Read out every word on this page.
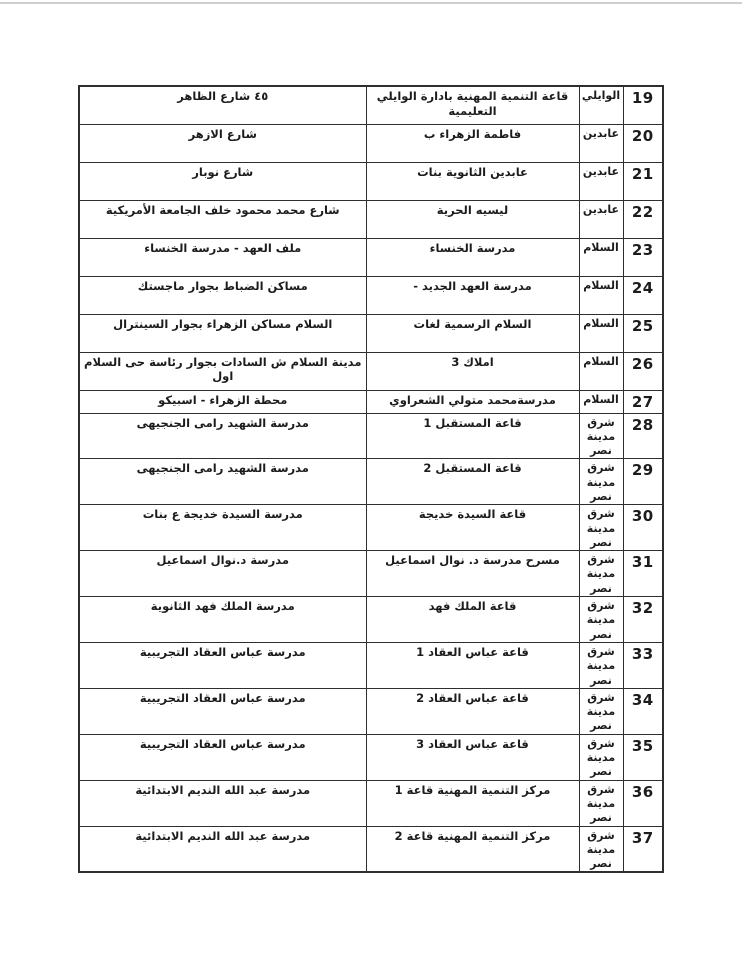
19	الوايلي	قاعة التنمية المهنية بادارة الوايلي التعليمية	٤٥ شارع الظاهر
20	عابدين	فاطمة الزهراء ب	شارع الازهر
21	عابدين	عابدين الثانوية بنات	شارع نوبار
22	عابدين	ليسيه الحرية	شارع محمد محمود خلف الجامعة الأمريكية
23	السلام	مدرسة الخنساء	ملف العهد - مدرسة الخنساء
24	السلام	مدرسة العهد الجديد -	مساكن الضباط بجوار ماجستك
25	السلام	السلام الرسمية لغات	السلام مساكن الزهراء بجوار السينترال
26	السلام	املاك 3	مدينة السلام ش السادات بجوار رئاسة حى السلام اول
27	السلام	مدرسةمحمد متولي الشعراوي	محطة الزهراء - اسبيكو
28	شرق مدينة نصر	قاعة المستقبل 1	مدرسة الشهيد رامى الجنجيهى
29	شرق مدينة نصر	قاعة المستقبل 2	مدرسة الشهيد رامى الجنجيهى
30	شرق مدينة نصر	قاعة السيدة خديجة	مدرسة السيدة خديجة ع بنات
31	شرق مدينة نصر	مسرح مدرسة د. نوال اسماعيل	مدرسة د.نوال اسماعيل
32	شرق مدينة نصر	قاعة الملك فهد	مدرسة الملك فهد الثانوية
33	شرق مدينة نصر	قاعة عباس العقاد 1	مدرسة عباس العقاد التجريبية
34	شرق مدينة نصر	قاعة عباس العقاد 2	مدرسة عباس العقاد التجريبية
35	شرق مدينة نصر	قاعة عباس العقاد 3	مدرسة عباس العقاد التجريبية
36	شرق مدينة نصر	مركز التنمية المهنية قاعة 1	مدرسة عبد الله النديم الابتدائية
37	شرق مدينة نصر	مركز التنمية المهنية قاعة 2	مدرسة عبد الله النديم الابتدائية
